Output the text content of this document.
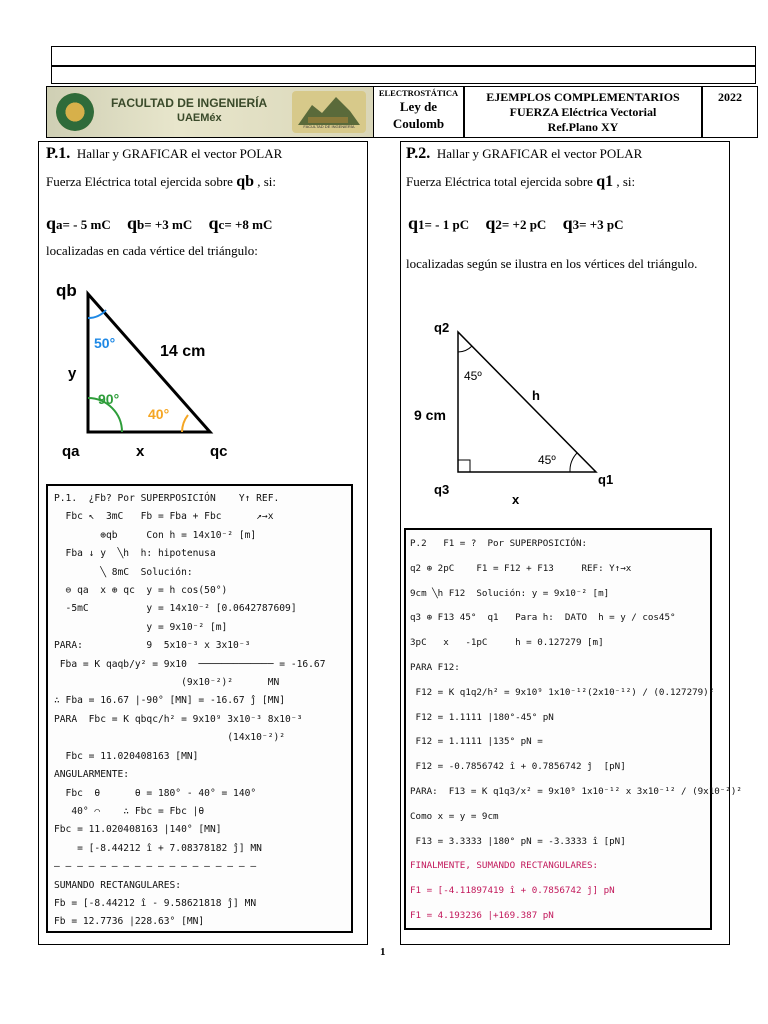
FACULTAD DE INGENIERÍA
UAEMéx
FACULTAD DE INGENIERÍA
ELECTROSTÁTICA
Ley de Coulomb
EJEMPLOS COMPLEMENTARIOS
FUERZA Eléctrica Vectorial
Ref.Plano XY
2022
P.1. Hallar y GRAFICAR el vector POLAR
Fuerza Eléctrica total ejercida sobre qb , si:
qa= - 5 mC qb= +3 mC qc= +8 mC
localizadas en cada vértice del triángulo:
qb
qa	qc
y
x
14 cm
50°
90°
40°
P.1.  ¿Fb? Por SUPERPOSICIÓN    Y↑ REF.
Fbc ↖  3mC   Fb = Fba + Fbc      ↗→x
⊕qb     Con h = 14x10⁻² [m]
Fba ↓ y  ╲h  h: hipotenusa
╲ 8mC  Solución:
⊖ qa  x ⊕ qc  y = h cos(50°)
-5mC          y = 14x10⁻² [0.0642787609]
y = 9x10⁻² [m]
PARA:           9  5x10⁻³ x 3x10⁻³
Fba = K qaqb/y² = 9x10  ───────────── = -16.67
(9x10⁻²)²      MN
∴ Fba = 16.67 |-90° [MN] = -16.67 ĵ [MN]
PARA  Fbc = K qbqc/h² = 9x10⁹ 3x10⁻³ 8x10⁻³
(14x10⁻²)²
Fbc = 11.020408163 [MN]
ANGULARMENTE:
Fbc  θ      θ = 180° - 40° = 140°
40° ⌒    ∴ Fbc = Fbc |θ
Fbc = 11.020408163 |140° [MN]
= [-8.44212 î + 7.08378182 ĵ] MN
— — — — — — — — — — — — — — — — — —
SUMANDO RECTANGULARES:
Fb = [-8.44212 î - 9.58621818 ĵ] MN
Fb = 12.7736 |228.63° [MN]
P.2. Hallar y GRAFICAR el vector POLAR
Fuerza Eléctrica total ejercida sobre q1 , si:
q1= - 1 pC q2= +2 pC q3= +3 pC
localizadas según se ilustra en los vértices del triángulo.
q2
q3
q1
9 cm
x
h
45º
45º
P.2   F1 = ?  Por SUPERPOSICIÓN:
q2 ⊕ 2pC    F1 = F12 + F13     REF: Y↑→x
9cm ╲h F12  Solución: y = 9x10⁻² [m]
q3 ⊕ F13 45°  q1   Para h:  DATO  h = y / cos45°
3pC   x   -1pC     h = 0.127279 [m]
PARA F12:
F12 = K q1q2/h² = 9x10⁹ 1x10⁻¹²(2x10⁻¹²) / (0.127279)²
F12 = 1.1111 |180°-45° pN
F12 = 1.1111 |135° pN =
F12 = -0.7856742 î + 0.7856742 ĵ  [pN]
PARA:  F13 = K q1q3/x² = 9x10⁹ 1x10⁻¹² x 3x10⁻¹² / (9x10⁻²)²
Como x = y = 9cm
F13 = 3.3333 |180° pN = -3.3333 î [pN]
FINALMENTE, SUMANDO RECTANGULARES:
F1 = [-4.11897419 î + 0.7856742 ĵ] pN
F1 = 4.193236 |+169.387 pN
1
